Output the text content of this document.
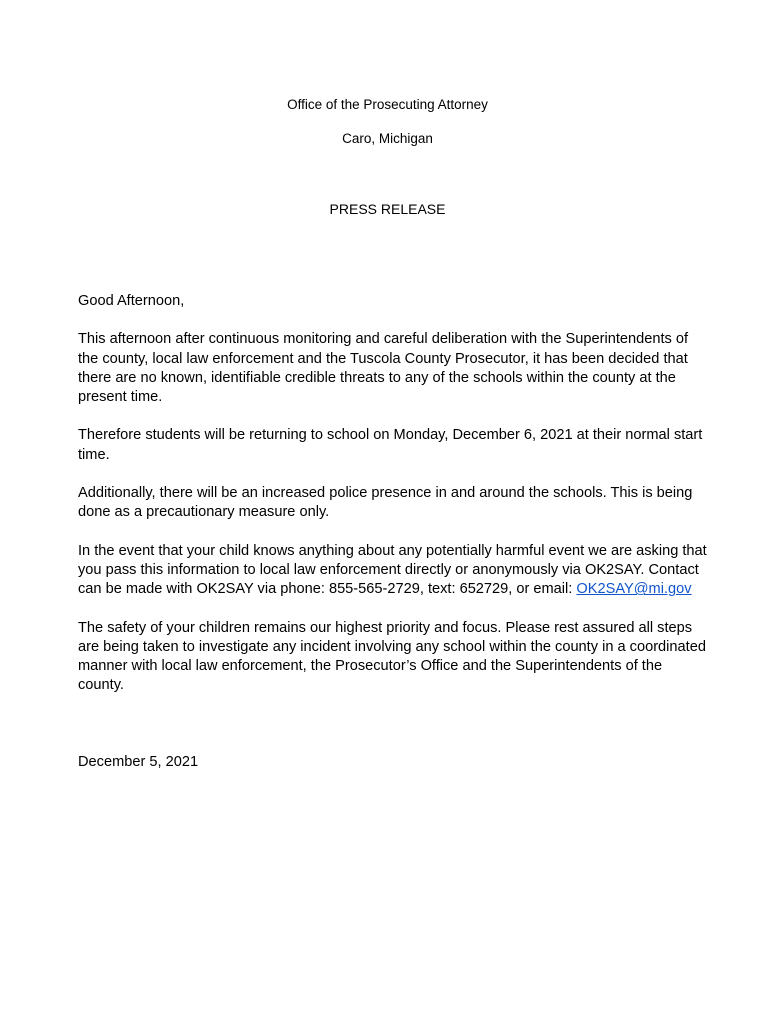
Office of the Prosecuting Attorney
Caro, Michigan
PRESS RELEASE

Good Afternoon,

This afternoon after continuous monitoring and careful deliberation with the Superintendents of the county, local law enforcement and the Tuscola County Prosecutor, it has been decided that there are no known, identifiable credible threats to any of the schools within the county at the present time.

Therefore students will be returning to school on Monday, December 6, 2021 at their normal start time.

Additionally, there will be an increased police presence in and around the schools. This is being done as a precautionary measure only.

In the event that your child knows anything about any potentially harmful event we are asking that you pass this information to local law enforcement directly or anonymously via OK2SAY. Contact can be made with OK2SAY via phone: 855-565-2729, text: 652729, or email: OK2SAY@mi.gov

The safety of your children remains our highest priority and focus. Please rest assured all steps are being taken to investigate any incident involving any school within the county in a coordinated manner with local law enforcement, the Prosecutor’s Office and the Superintendents of the county.

December 5, 2021
